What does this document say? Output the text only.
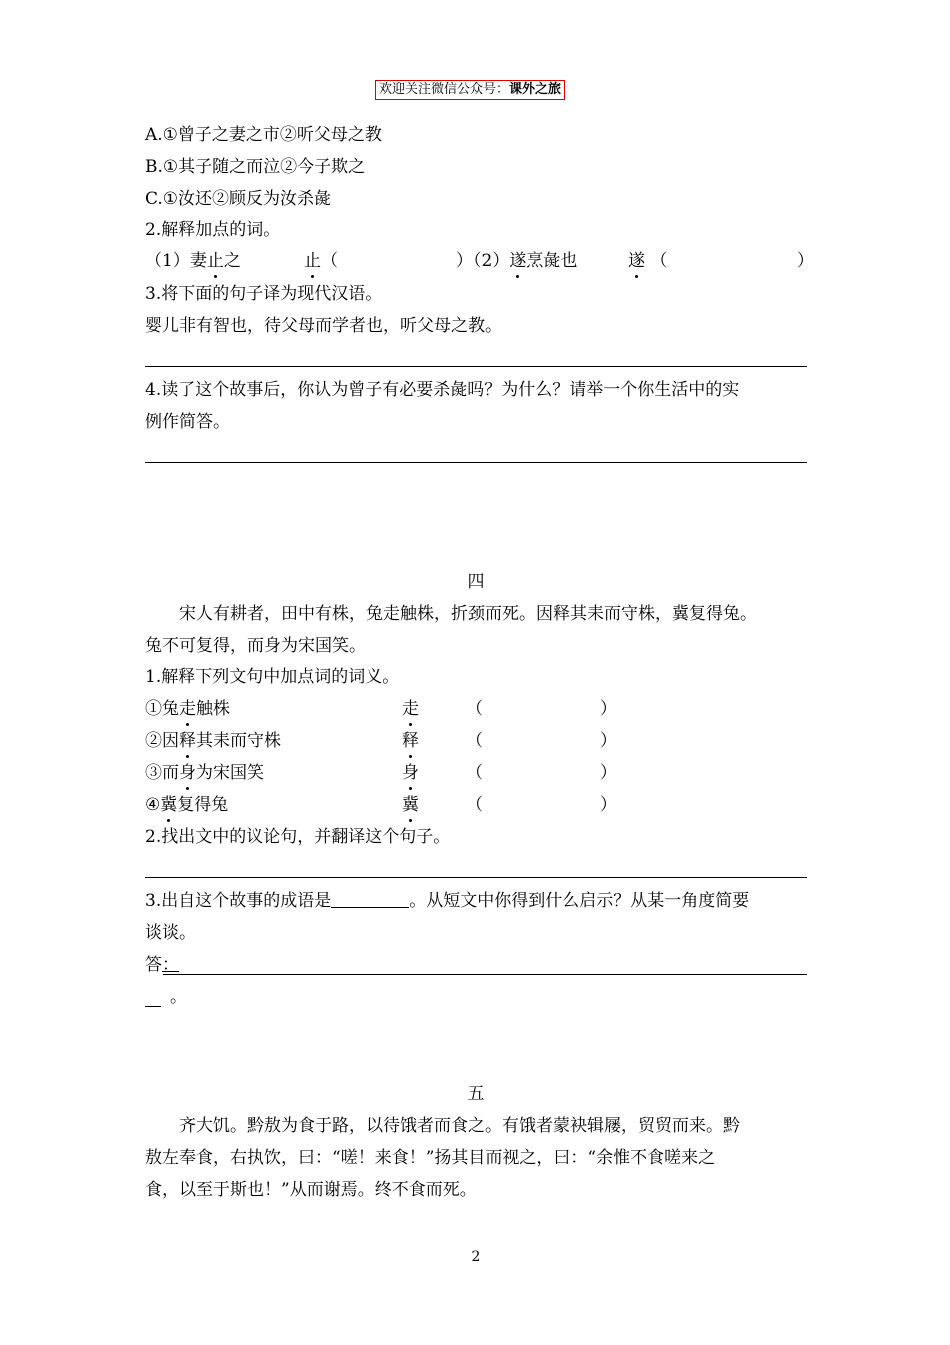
欢迎关注微信公众号：课外之旅
A.①曾子之妻之市②听父母之教
B.①其子随之而泣②今子欺之
C.①汝还②顾反为汝杀彘
2.解释加点的词。
（1）妻止之	止（	）（2）遂烹彘也	遂 （	）
3.将下面的句子译为现代汉语。
婴儿非有智也，待父母而学者也，听父母之教。
4.读了这个故事后，你认为曾子有必要杀彘吗？为什么？请举一个你生活中的实
例作简答。
四
宋人有耕者，田中有株，兔走触株，折颈而死。因释其耒而守株，冀复得兔。
兔不可复得，而身为宋国笑。
1.解释下列文句中加点词的词义。
①兔走触株	走	（	）
②因释其耒而守株	释	（	）
③而身为宋国笑	身	（	）
④冀复得兔	冀	（	）
2.找出文中的议论句，并翻译这个句子。
3.出自这个故事的成语是	。从短文中你得到什么启示？从某一角度简要
谈谈。
答：
。
五
齐大饥。黔敖为食于路，以待饿者而食之。有饿者蒙袂辑屦，贸贸而来。黔
敖左奉食，右执饮，曰：“嗟！来食！”扬其目而视之，曰：“余惟不食嗟来之
食，以至于斯也！”从而谢焉。终不食而死。
2
